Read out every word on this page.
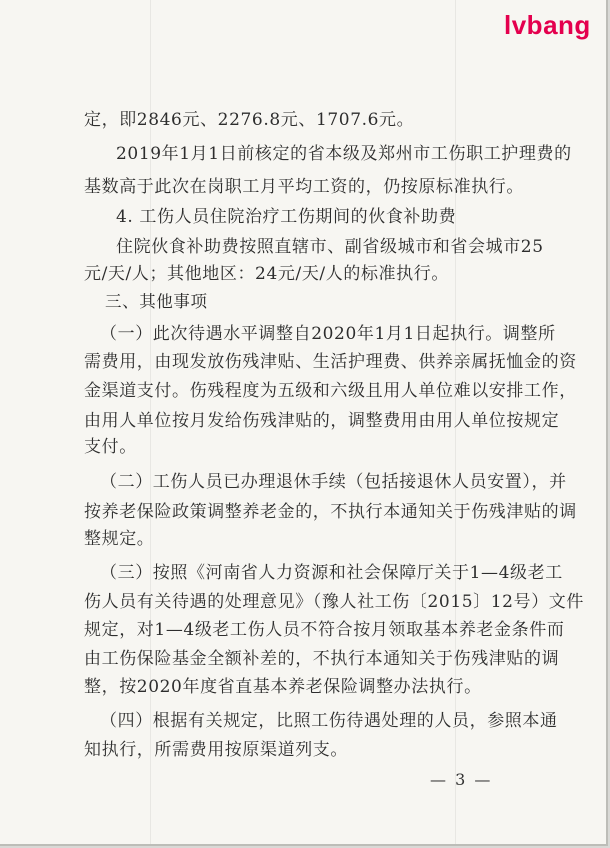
lvbang
定，即2846元、2276.8元、1707.6元。
2019年1月1日前核定的省本级及郑州市工伤职工护理费的
基数高于此次在岗职工月平均工资的，仍按原标准执行。
4. 工伤人员住院治疗工伤期间的伙食补助费
住院伙食补助费按照直辖市、副省级城市和省会城市25
元/天/人；其他地区：24元/天/人的标准执行。
三、其他事项
（一）此次待遇水平调整自2020年1月1日起执行。调整所
需费用，由现发放伤残津贴、生活护理费、供养亲属抚恤金的资
金渠道支付。伤残程度为五级和六级且用人单位难以安排工作，
由用人单位按月发给伤残津贴的，调整费用由用人单位按规定
支付。
（二）工伤人员已办理退休手续（包括接退休人员安置），并
按养老保险政策调整养老金的，不执行本通知关于伤残津贴的调
整规定。
（三）按照《河南省人力资源和社会保障厅关于1—4级老工
伤人员有关待遇的处理意见》（豫人社工伤〔2015〕12号）文件
规定，对1—4级老工伤人员不符合按月领取基本养老金条件而
由工伤保险基金全额补差的，不执行本通知关于伤残津贴的调
整，按2020年度省直基本养老保险调整办法执行。
（四）根据有关规定，比照工伤待遇处理的人员，参照本通
知执行，所需费用按原渠道列支。
— 3 —
